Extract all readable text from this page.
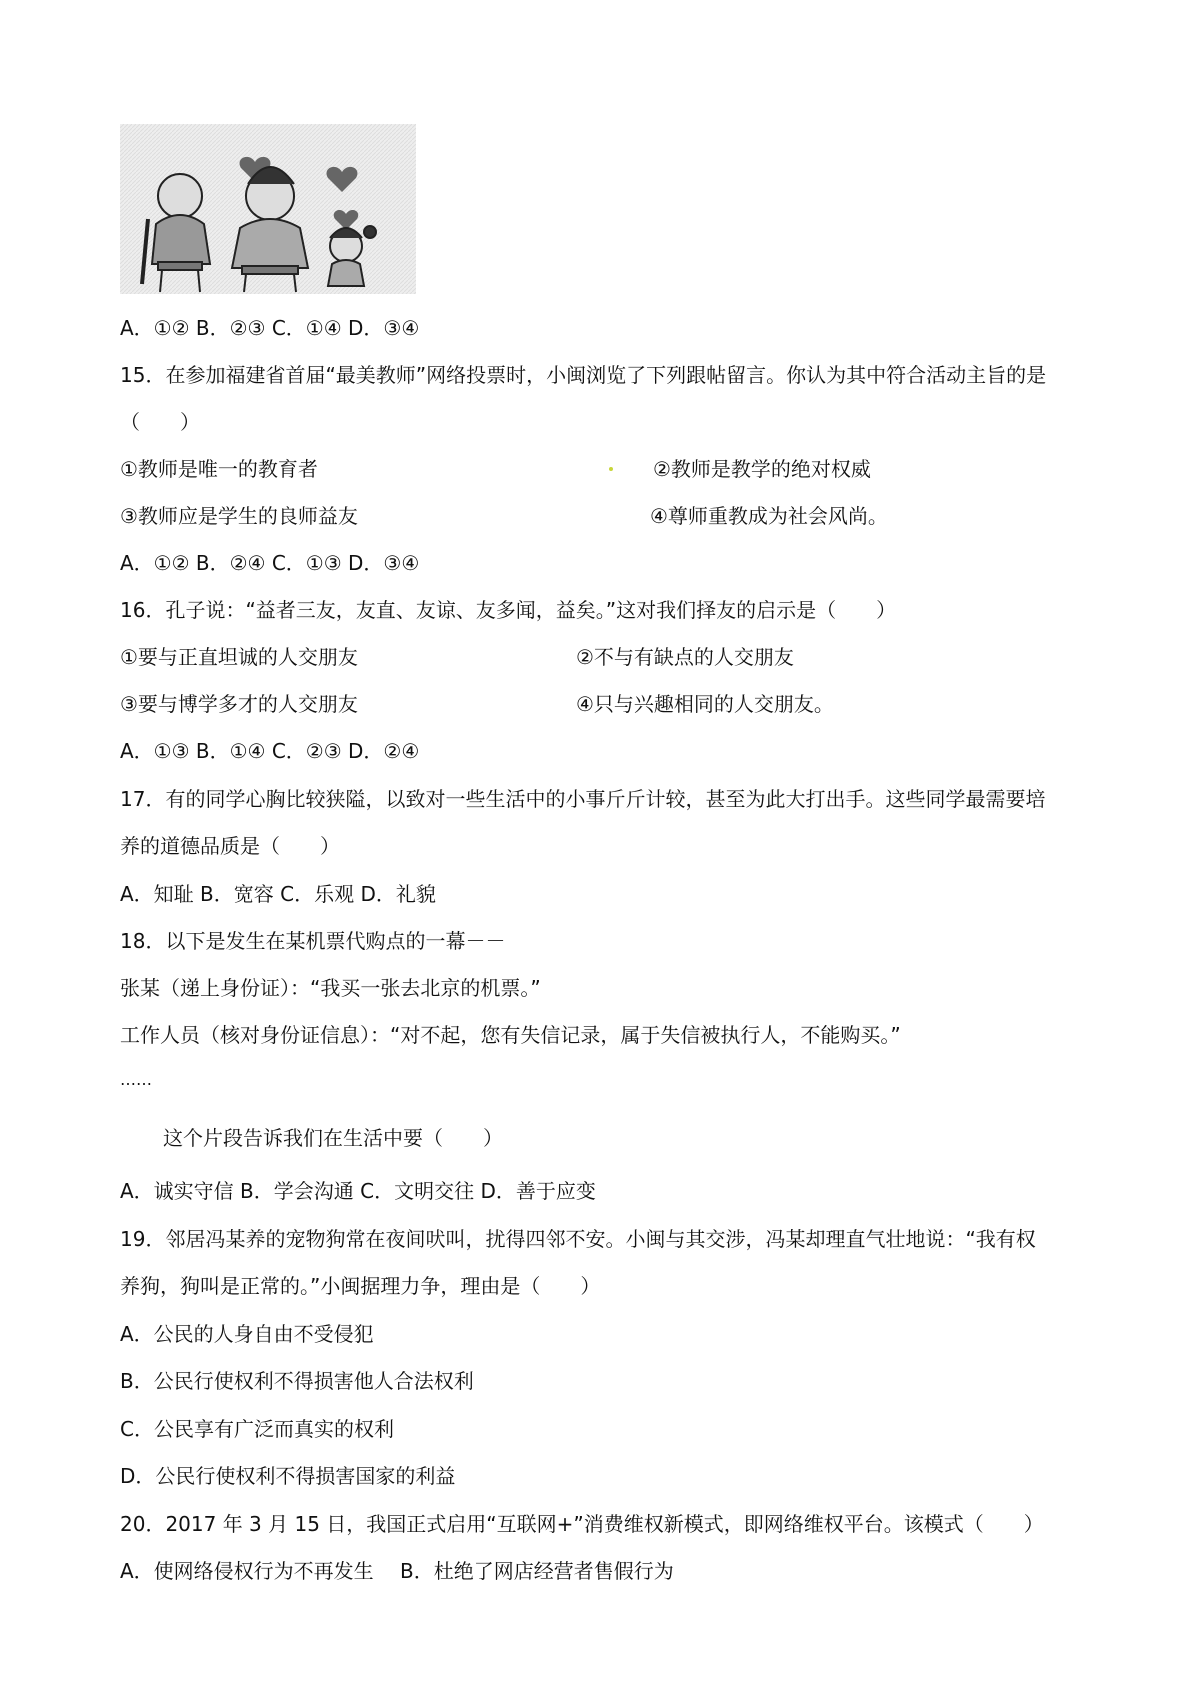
A．①② B．②③ C．①④ D．③④
15．在参加福建省首届“最美教师”网络投票时，小闽浏览了下列跟帖留言。你认为其中符合活动主旨的是
（　　）
①教师是唯一的教育者	②教师是教学的绝对权威
③教师应是学生的良师益友	④尊师重教成为社会风尚。
A．①② B．②④ C．①③ D．③④
16．孔子说：“益者三友，友直、友谅、友多闻，益矣。”这对我们择友的启示是（　　）
①要与正直坦诚的人交朋友	②不与有缺点的人交朋友
③要与博学多才的人交朋友	④只与兴趣相同的人交朋友。
A．①③ B．①④ C．②③ D．②④
17．有的同学心胸比较狭隘，以致对一些生活中的小事斤斤计较，甚至为此大打出手。这些同学最需要培
养的道德品质是（　　）
A．知耻 B．宽容 C．乐观 D．礼貌
18．以下是发生在某机票代购点的一幕－－
张某（递上身份证）：“我买一张去北京的机票。”
工作人员（核对身份证信息）：“对不起，您有失信记录，属于失信被执行人，不能购买。”
……
这个片段告诉我们在生活中要（　　）
A．诚实守信 B．学会沟通 C．文明交往 D．善于应变
19．邻居冯某养的宠物狗常在夜间吠叫，扰得四邻不安。小闽与其交涉，冯某却理直气壮地说：“我有权
养狗，狗叫是正常的。”小闽据理力争，理由是（　　）
A．公民的人身自由不受侵犯
B．公民行使权利不得损害他人合法权利
C．公民享有广泛而真实的权利
D．公民行使权利不得损害国家的利益
20．2017 年 3 月 15 日，我国正式启用“互联网+”消费维权新模式，即网络维权平台。该模式（　　）
A．使网络侵权行为不再发生　 B．杜绝了网店经营者售假行为
